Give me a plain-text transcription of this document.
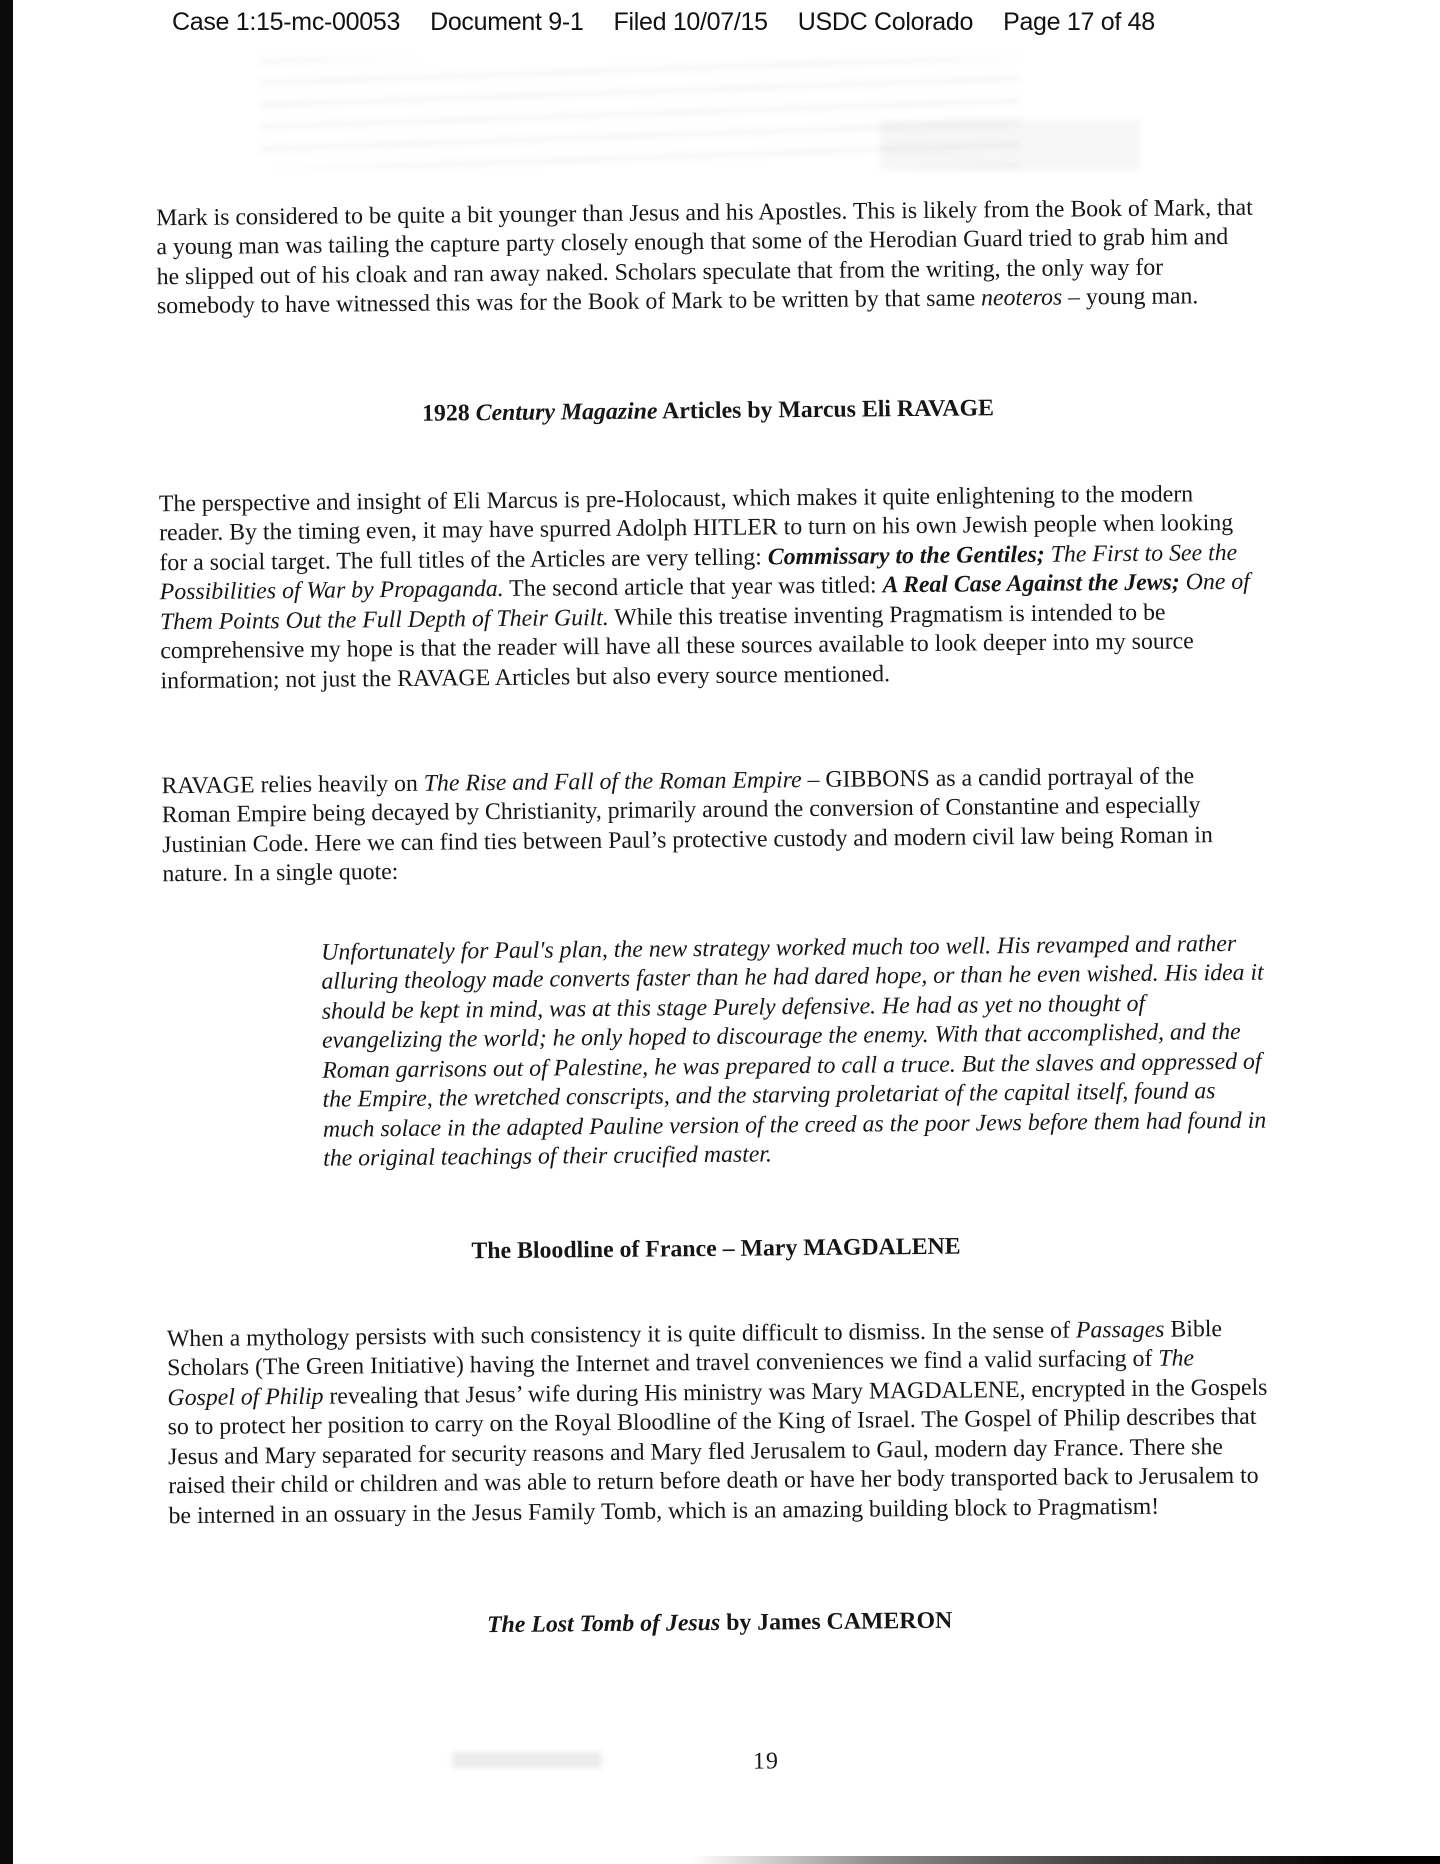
Case 1:15-mc-00053 Document 9-1 Filed 10/07/15 USDC Colorado Page 17 of 48

Mark is considered to be quite a bit younger than Jesus and his Apostles. This is likely from the Book of Mark, that a young man was tailing the capture party closely enough that some of the Herodian Guard tried to grab him and he slipped out of his cloak and ran away naked. Scholars speculate that from the writing, the only way for somebody to have witnessed this was for the Book of Mark to be written by that same neoteros – young man.

1928 Century Magazine Articles by Marcus Eli RAVAGE

The perspective and insight of Eli Marcus is pre-Holocaust, which makes it quite enlightening to the modern reader. By the timing even, it may have spurred Adolph HITLER to turn on his own Jewish people when looking for a social target. The full titles of the Articles are very telling: Commissary to the Gentiles; The First to See the Possibilities of War by Propaganda. The second article that year was titled: A Real Case Against the Jews; One of Them Points Out the Full Depth of Their Guilt. While this treatise inventing Pragmatism is intended to be comprehensive my hope is that the reader will have all these sources available to look deeper into my source information; not just the RAVAGE Articles but also every source mentioned.

RAVAGE relies heavily on The Rise and Fall of the Roman Empire – GIBBONS as a candid portrayal of the Roman Empire being decayed by Christianity, primarily around the conversion of Constantine and especially Justinian Code. Here we can find ties between Paul’s protective custody and modern civil law being Roman in nature. In a single quote:

Unfortunately for Paul's plan, the new strategy worked much too well. His revamped and rather alluring theology made converts faster than he had dared hope, or than he even wished. His idea it should be kept in mind, was at this stage Purely defensive. He had as yet no thought of evangelizing the world; he only hoped to discourage the enemy. With that accomplished, and the Roman garrisons out of Palestine, he was prepared to call a truce. But the slaves and oppressed of the Empire, the wretched conscripts, and the starving proletariat of the capital itself, found as much solace in the adapted Pauline version of the creed as the poor Jews before them had found in the original teachings of their crucified master.
The Bloodline of France – Mary MAGDALENE

When a mythology persists with such consistency it is quite difficult to dismiss. In the sense of Passages Bible Scholars (The Green Initiative) having the Internet and travel conveniences we find a valid surfacing of The Gospel of Philip revealing that Jesus’ wife during His ministry was Mary MAGDALENE, encrypted in the Gospels so to protect her position to carry on the Royal Bloodline of the King of Israel. The Gospel of Philip describes that Jesus and Mary separated for security reasons and Mary fled Jerusalem to Gaul, modern day France. There she raised their child or children and was able to return before death or have her body transported back to Jerusalem to be interned in an ossuary in the Jesus Family Tomb, which is an amazing building block to Pragmatism!

The Lost Tomb of Jesus by James CAMERON
19
